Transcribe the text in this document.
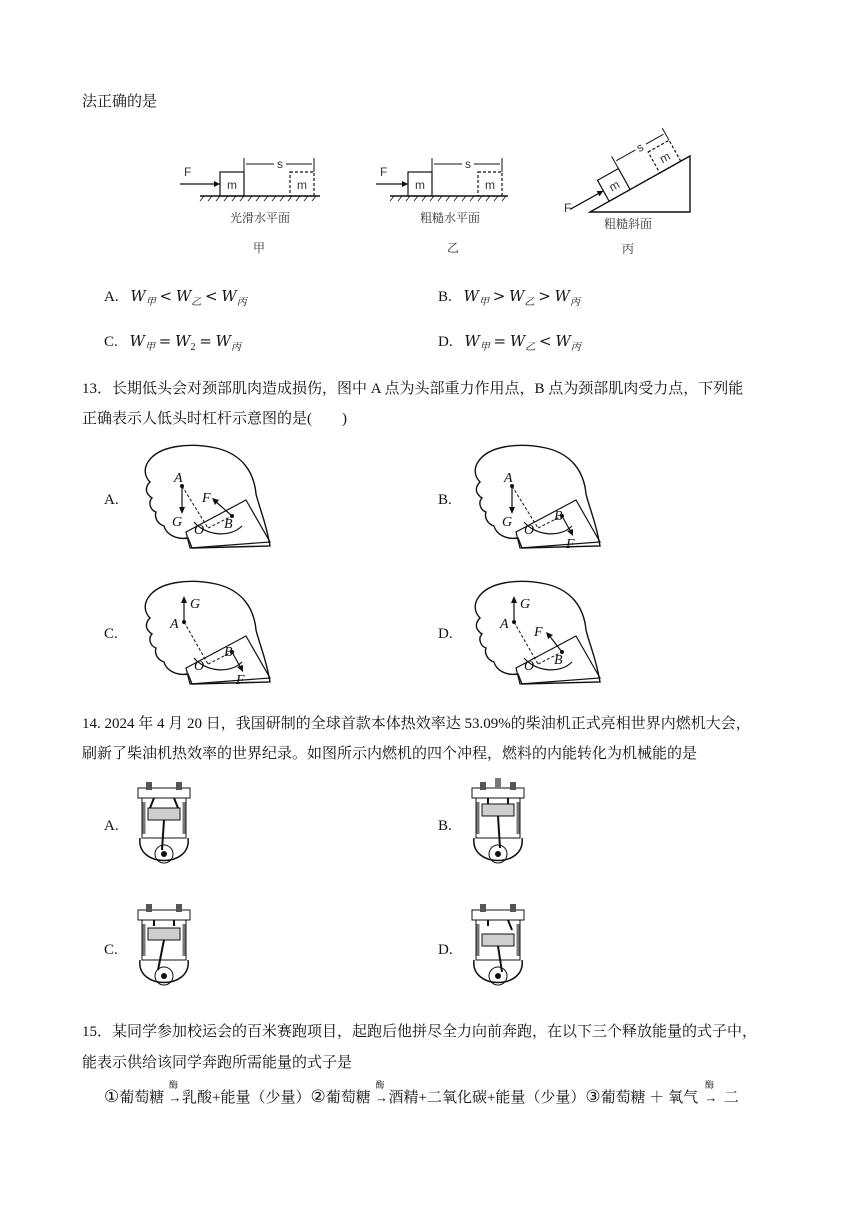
法正确的是
F
m	m
s
光滑水平面
甲
F
m	m
s
粗糙水平面
乙
m
m
s
F
粗糙斜面
丙
A. $W_甲 < W_乙 < W_丙$	B. $W_甲 > W_乙 > W_丙$
C. $W_甲 = W_2 = W_丙$	D. $W_甲 = W_乙 < W_丙$
13．长期低头会对颈部肌肉造成损伤，图中 A 点为头部重力作用点，B 点为颈部肌肉受力点，下列能
正确表示人低头时杠杆示意图的是(　　)
A.
A
G
O
F
B
B.
A
G
O
B
F
C.
G
A
O
B
F
D.
G
A
F
O B
14. 2024 年 4 月 20 日，我国研制的全球首款本体热效率达 53.09%的柴油机正式亮相世界内燃机大会，
刷新了柴油机热效率的世界纪录。如图所示内燃机的四个冲程，燃料的内能转化为机械能的是
A.	B.
C.	D.
15．某同学参加校运会的百米赛跑项目，起跑后他拼尽全力向前奔跑，在以下三个释放能量的式子中，
能表示供给该同学奔跑所需能量的式子是
①葡萄糖
酶
→乳酸+能量（少量）②葡萄糖
酶
→酒精+二氧化碳+能量（少量）③葡萄糖 ＋ 氧气
酶
→ 二
